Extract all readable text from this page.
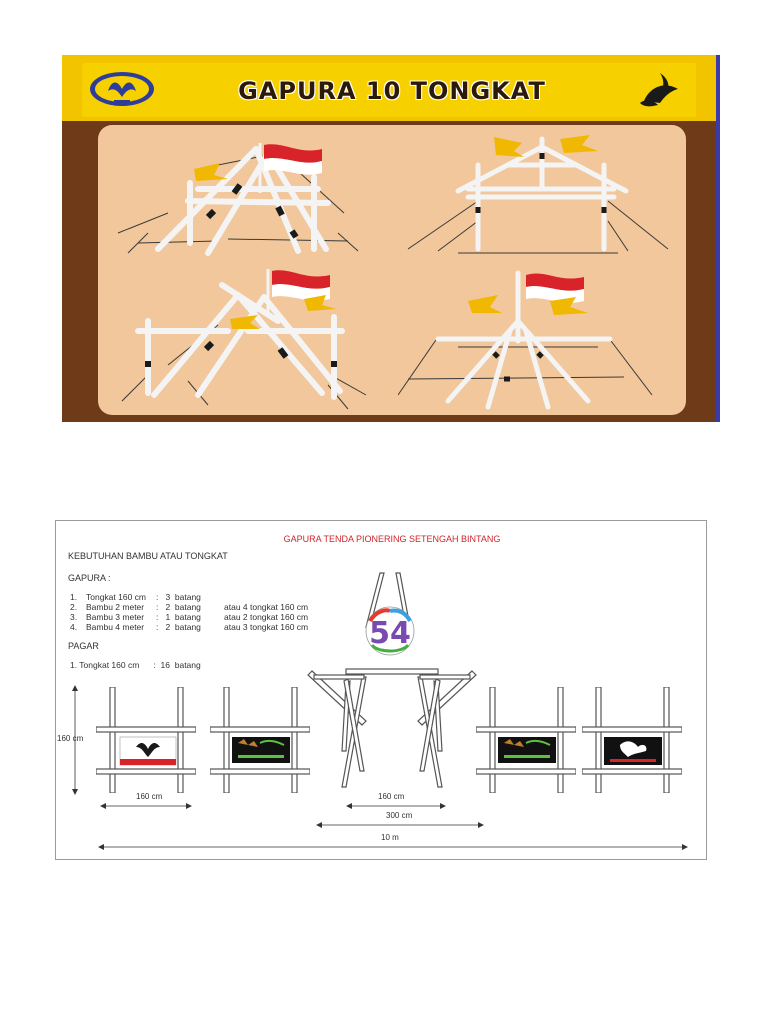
GAPURA 10 TONGKAT
GAPURA TENDA PIONERING SETENGAH BINTANG
KEBUTUHAN BAMBU ATAU TONGKAT
GAPURA :
1. Tongkat 160 cm :   3  batang
2. Bambu 2 meter :   2  batang	atau 4 tongkat 160 cm
3. Bambu 3 meter :   1  batang	atau 2 tongkat 160 cm
4. Bambu 4 meter :   2  batang	atau 3 tongkat 160 cm
PAGAR
1. Tongkat 160 cm      :  16  batang
160 cm
54
160 cm	160 cm
300 cm
10 m
